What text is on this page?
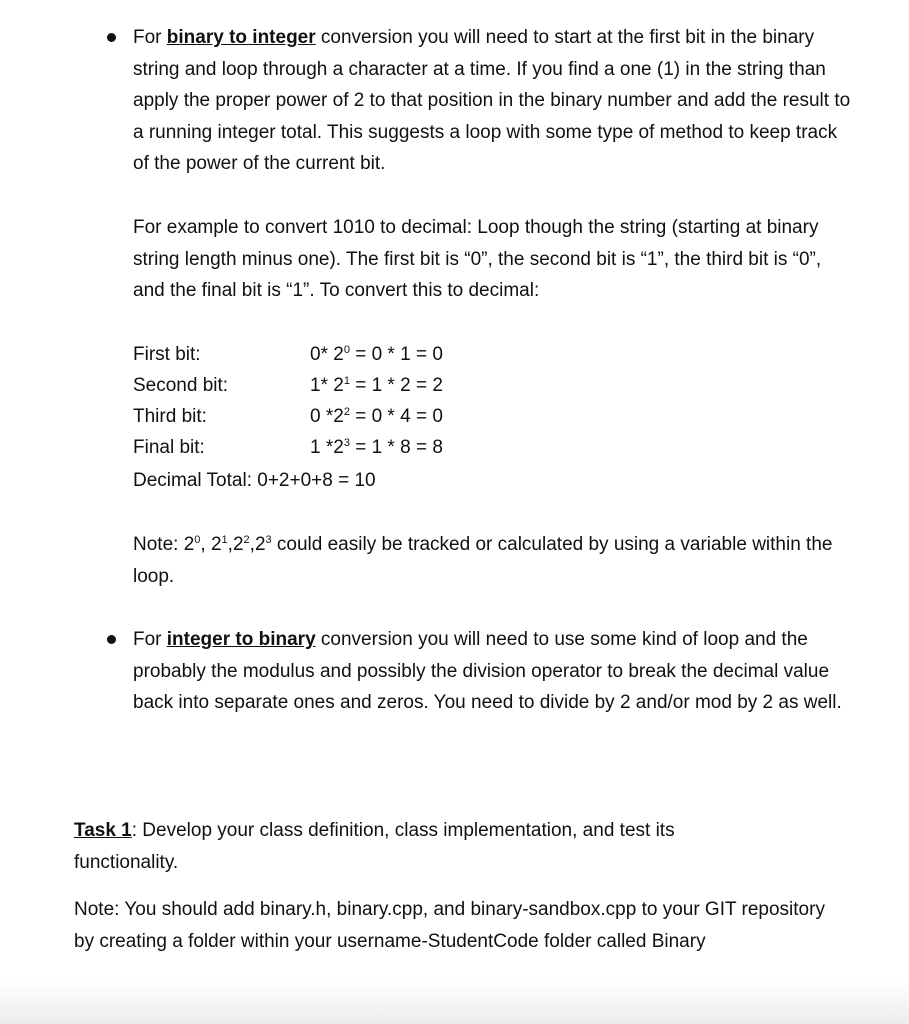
For binary to integer conversion you will need to start at the first bit in the binary string and loop through a character at a time. If you find a one (1) in the string than apply the proper power of 2 to that position in the binary number and add the result to a running integer total. This suggests a loop with some type of method to keep track of the power of the current bit.

For example to convert 1010 to decimal: Loop though the string (starting at binary string length minus one). The first bit is “0”, the second bit is “1”, the third bit is “0”, and the final bit is “1”. To convert this to decimal:

First bit:	0* $2^0 = 0 * 1 = 0$
Second bit:	1* $2^1 = 1 * 2 = 2$
Third bit:	0 $*2^2 = 0 * 4 = 0$
Final bit:	1 $*2^3 = 1 * 8 = 8$
Decimal Total: 0+2+0+8 = 10

Note: $2^0$, $2^1,2^2,2^3$ could easily be tracked or calculated by using a variable within the loop.

For integer to binary conversion you will need to use some kind of loop and the probably the modulus and possibly the division operator to break the decimal value back into separate ones and zeros. You need to divide by 2 and/or mod by 2 as well.

Task 1: Develop your class definition, class implementation, and test its functionality.

Note: You should add binary.h, binary.cpp, and binary-sandbox.cpp to your GIT repository by creating a folder within your username-StudentCode folder called Binary
